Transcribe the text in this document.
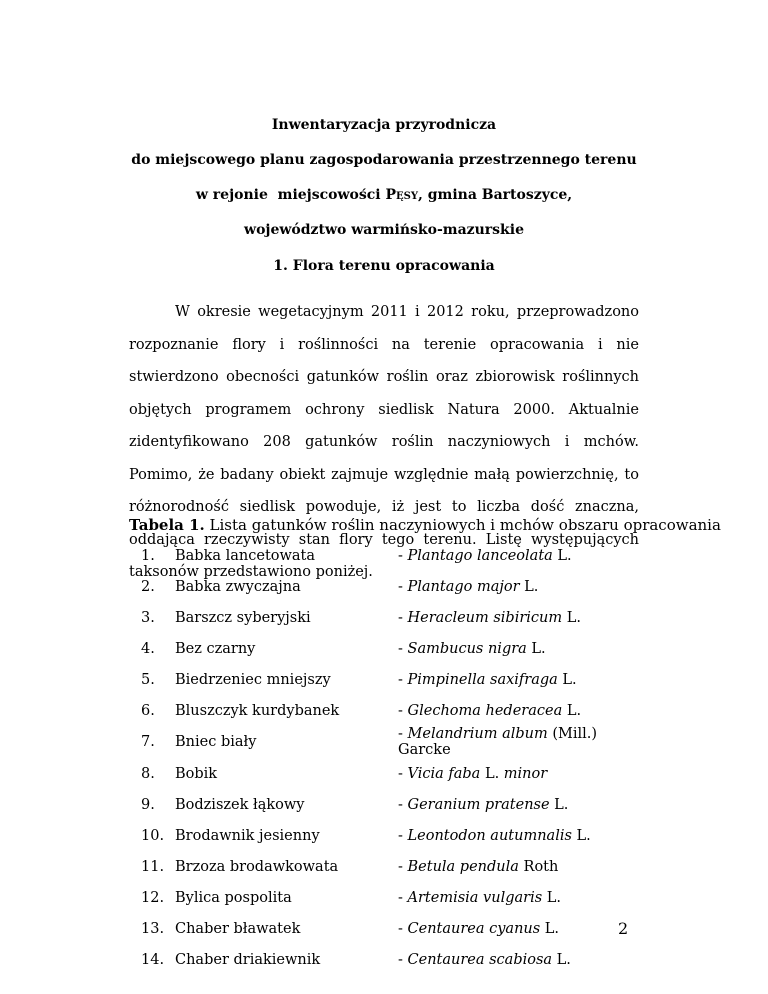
Inwentaryzacja przyrodnicza

do miejscowego planu zagospodarowania przestrzennego terenu

w rejonie  miejscowości Pęsy, gmina Bartoszyce,

województwo warmińsko-mazurskie

1. Flora terenu opracowania

W okresie wegetacyjnym 2011 i 2012 roku, przeprowadzono rozpoznanie flory i roślinności na terenie opracowania i nie stwierdzono obecności gatunków roślin oraz zbiorowisk roślinnych objętych programem ochrony siedlisk Natura 2000. Aktualnie zidentyfikowano 208 gatunków roślin naczyniowych i mchów. Pomimo, że badany obiekt zajmuje względnie małą powierzchnię, to różnorodność siedlisk powoduje, iż jest to liczba dość znaczna, oddająca rzeczywisty stan flory tego terenu. Listę występujących taksonów przedstawiono poniżej.

Tabela 1. Lista gatunków roślin naczyniowych i mchów obszaru opracowania

1.	Babka lancetowata	- Plantago lanceolata L.
2.	Babka zwyczajna	- Plantago major L.
3.	Barszcz syberyjski	- Heracleum sibiricum L.
4.	Bez czarny	- Sambucus nigra L.
5.	Biedrzeniec mniejszy	- Pimpinella saxifraga L.
6.	Bluszczyk kurdybanek	- Glechoma hederacea L.
7.	Bniec biały	- Melandrium album (Mill.) Garcke
8.	Bobik	- Vicia faba L. minor
9.	Bodziszek łąkowy	- Geranium pratense L.
10.	Brodawnik jesienny	- Leontodon autumnalis L.
11.	Brzoza brodawkowata	- Betula pendula Roth
12.	Bylica pospolita	- Artemisia vulgaris L.
13.	Chaber bławatek	- Centaurea cyanus L.
14.	Chaber driakiewnik	- Centaurea scabiosa L.
2
